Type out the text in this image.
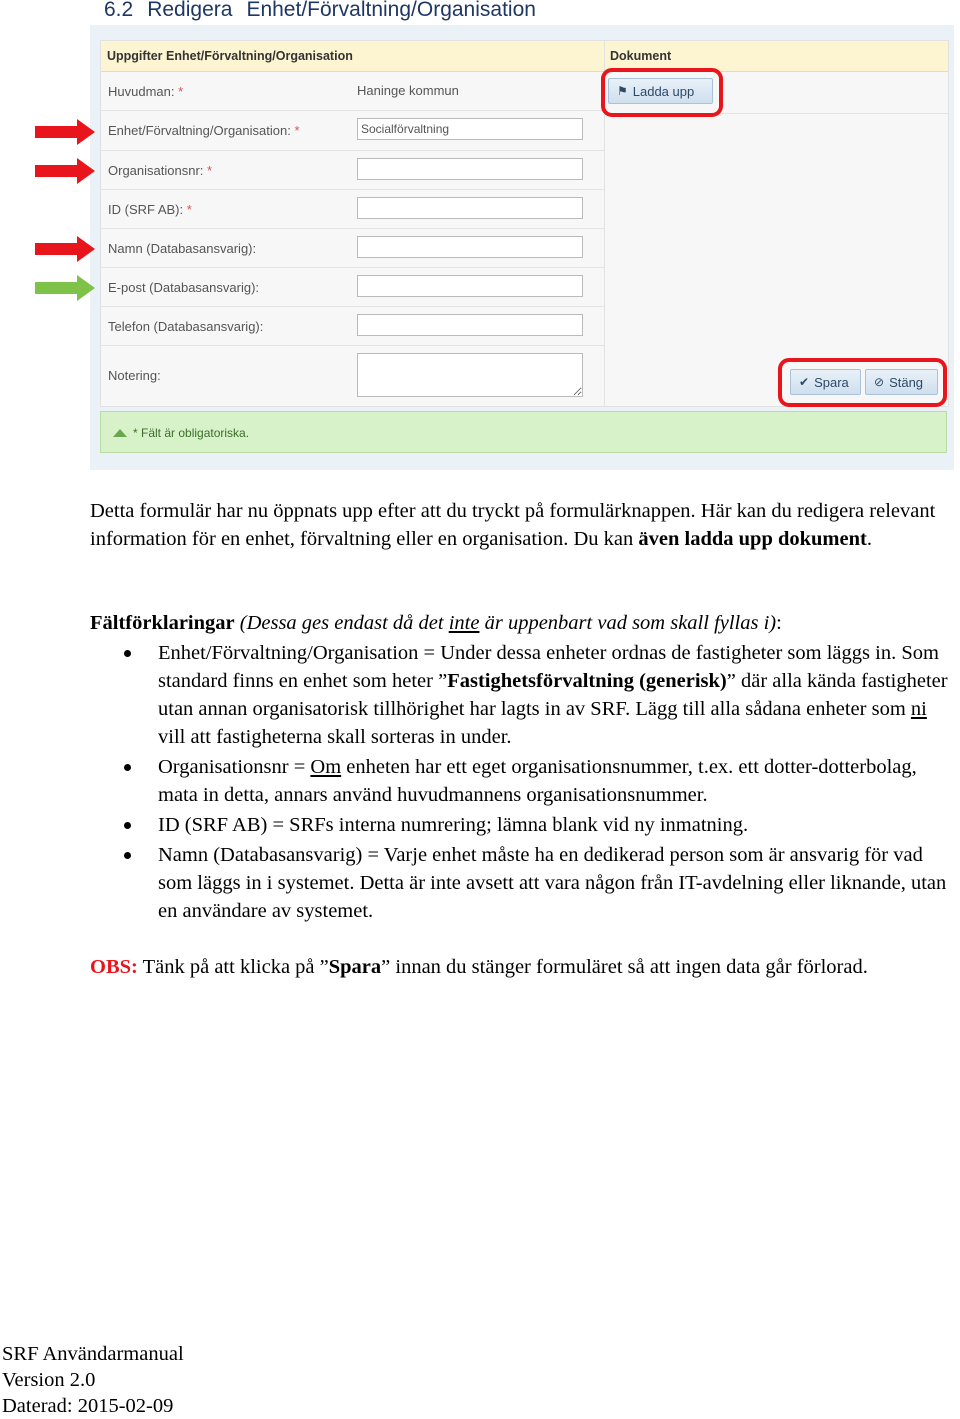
6.2 Redigera Enhet/Förvaltning/Organisation
Uppgifter Enhet/Förvaltning/Organisation	Dokument
Huvudman: *	Haninge kommun
Enhet/Förvaltning/Organisation: *
Socialförvaltning
Organisationsnr: *
ID (SRF AB): *
Namn (Databasansvarig):
E-post (Databasansvarig):
Telefon (Databasansvarig):
Notering:
⚑ Ladda upp
✔ Spara ⊘ Stäng
* Fält är obligatoriska.
Detta formulär har nu öppnats upp efter att du tryckt på formulärknappen. Här kan du redigera relevant information för en enhet, förvaltning eller en organisation. Du kan även ladda upp dokument.
Fältförklaringar (Dessa ges endast då det inte är uppenbart vad som skall fyllas i):
Enhet/Förvaltning/Organisation = Under dessa enheter ordnas de fastigheter som läggs in. Som standard finns en enhet som heter ”Fastighetsförvaltning (generisk)” där alla kända fastigheter utan annan organisatorisk tillhörighet har lagts in av SRF. Lägg till alla sådana enheter som ni vill att fastigheterna skall sorteras in under.
Organisationsnr = Om enheten har ett eget organisationsnummer, t.ex. ett dotter-dotterbolag, mata in detta, annars använd huvudmannens organisationsnummer.
ID (SRF AB) = SRFs interna numrering; lämna blank vid ny inmatning.
Namn (Databasansvarig) = Varje enhet måste ha en dedikerad person som är ansvarig för vad som läggs in i systemet. Detta är inte avsett att vara någon från IT-avdelning eller liknande, utan en användare av systemet.
OBS: Tänk på att klicka på ”Spara” innan du stänger formuläret så att ingen data går förlorad.
SRF Användarmanual
Version 2.0
Daterad: 2015-02-09
